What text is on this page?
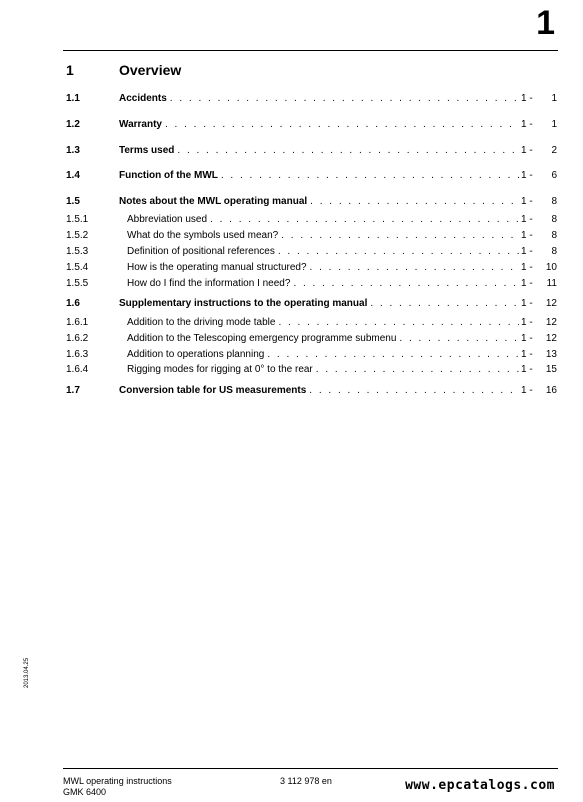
1
1	Overview
1.1	Accidents . . .	1 - 1
1.2	Warranty . . .	1 - 1
1.3	Terms used . . .	1 - 2
1.4	Function of the MWL . . .	1 - 6
1.5	Notes about the MWL operating manual . . .	1 - 8
1.5.1	Abbreviation used . . .	1 - 8
1.5.2	What do the symbols used mean? . . .	1 - 8
1.5.3	Definition of positional references . . .	1 - 8
1.5.4	How is the operating manual structured? . . .	1 - 10
1.5.5	How do I find the information I need? . . .	1 - 11
1.6	Supplementary instructions to the operating manual . . .	1 - 12
1.6.1	Addition to the driving mode table . . .	1 - 12
1.6.2	Addition to the Telescoping emergency programme submenu . . .	1 - 12
1.6.3	Addition to operations planning . . .	1 - 13
1.6.4	Rigging modes for rigging at 0° to the rear . . .	1 - 15
1.7	Conversion table for US measurements . . .	1 - 16
2013.04.25
MWL operating instructions
GMK 6400
3 112 978 en	www.epcatalogs.com
